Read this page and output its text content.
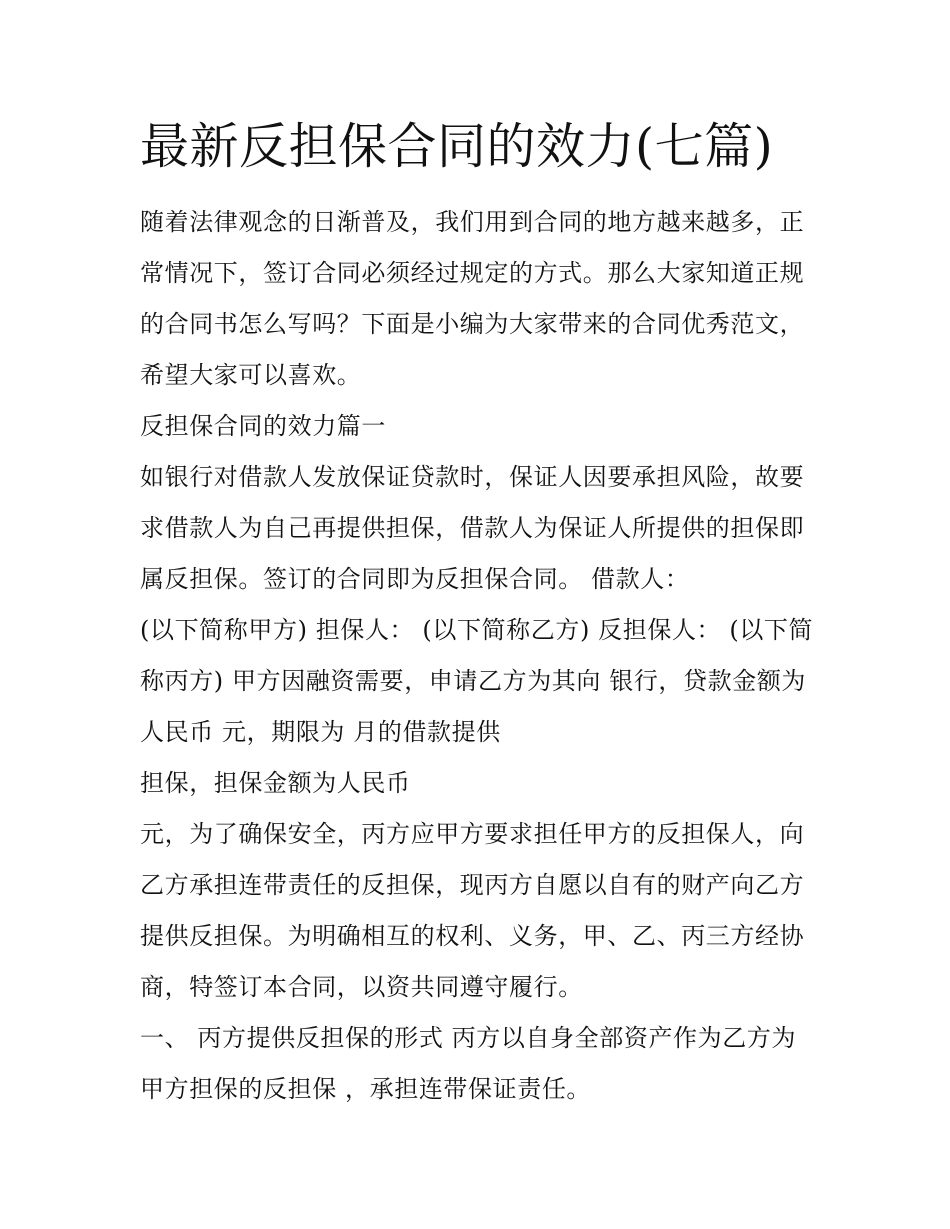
最新反担保合同的效力(七篇)
随着法律观念的日渐普及，我们用到合同的地方越来越多，正
常情况下，签订合同必须经过规定的方式。那么大家知道正规
的合同书怎么写吗？下面是小编为大家带来的合同优秀范文，
希望大家可以喜欢。
反担保合同的效力篇一
如银行对借款人发放保证贷款时，保证人因要承担风险，故要
求借款人为自己再提供担保，借款人为保证人所提供的担保即
属反担保。签订的合同即为反担保合同。 借款人：
(以下简称甲方) 担保人： (以下简称乙方) 反担保人： (以下简
称丙方) 甲方因融资需要，申请乙方为其向 银行，贷款金额为
人民币 元，期限为 月的借款提供
担保，担保金额为人民币
元，为了确保安全，丙方应甲方要求担任甲方的反担保人，向
乙方承担连带责任的反担保，现丙方自愿以自有的财产向乙方
提供反担保。为明确相互的权利、义务，甲、乙、丙三方经协
商，特签订本合同，以资共同遵守履行。
一、 丙方提供反担保的形式 丙方以自身全部资产作为乙方为
甲方担保的反担保 ，承担连带保证责任。
